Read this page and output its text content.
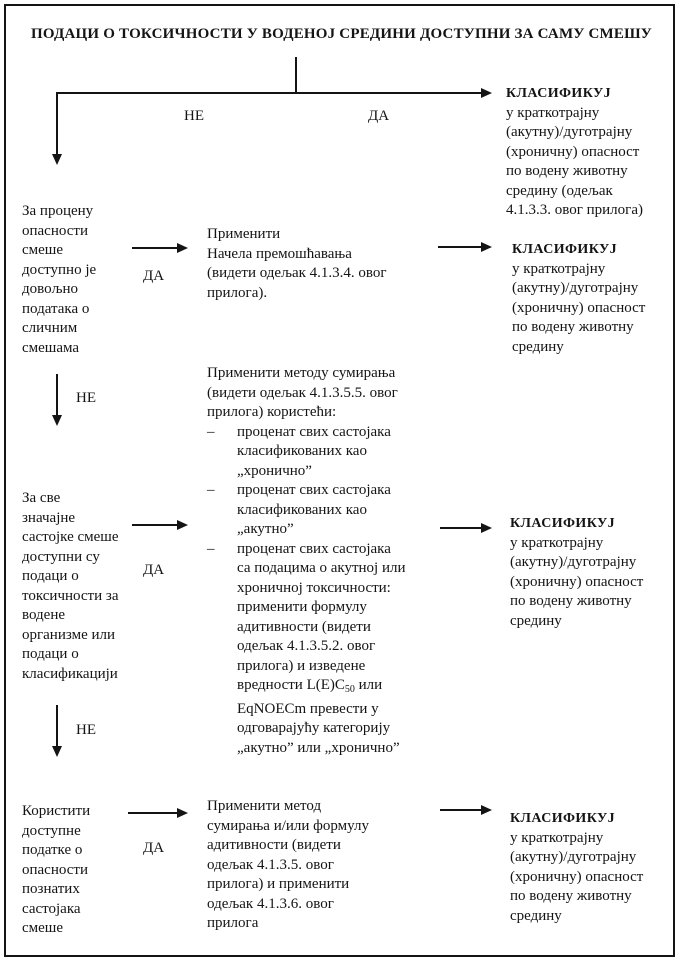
ПОДАЦИ О ТОКСИЧНОСТИ У ВОДЕНОЈ СРЕДИНИ ДОСТУПНИ ЗА САМУ СМЕШУ
НЕ	ДА
КЛАСИФИКУЈ
у краткотрајну
(акутну)/дуготрајну
(хроничну) опасност
по водену животну
средину (одељак
4.1.3.3. овог прилога)
За процену
опасности
смеше
доступно је
довољно
података о
сличним
смешама
ДА
Применити
Начела премошћавања
(видети одељак 4.1.3.4. овог
прилога).
КЛАСИФИКУЈ
у краткотрајну
(акутну)/дуготрајну
(хроничну) опасност
по водену животну
средину
НЕ
Применити методу сумирања
(видети одељак 4.1.3.5.5. овог
прилога) користећи:
– проценат свих састојака
класификованих као
„хронично”
– проценат свих састојака
класификованих као
„акутно”
– проценат свих састојака
са подацима о акутној или
хроничној токсичности:
применити формулу
адитивности (видети
одељак 4.1.3.5.2. овог
прилога) и изведене
вредности $L(E)C_{50}$ или
EqNOECm превести у
одговарајућу категорију
„акутно” или „хронично”
За све
значајне
састојке смеше
доступни су
подаци о
токсичности за
водене
организме или
подаци о
класификацији
ДА
КЛАСИФИКУЈ
у краткотрајну
(акутну)/дуготрајну
(хроничну) опасност
по водену животну
средину
НЕ
Користити
доступне
податке о
опасности
познатих
састојака
смеше
ДА
Применити метод
сумирања и/или формулу
адитивности (видети
одељак 4.1.3.5. овог
прилога) и применити
одељак 4.1.3.6. овог
прилога
КЛАСИФИКУЈ
у краткотрајну
(акутну)/дуготрајну
(хроничну) опасност
по водену животну
средину
